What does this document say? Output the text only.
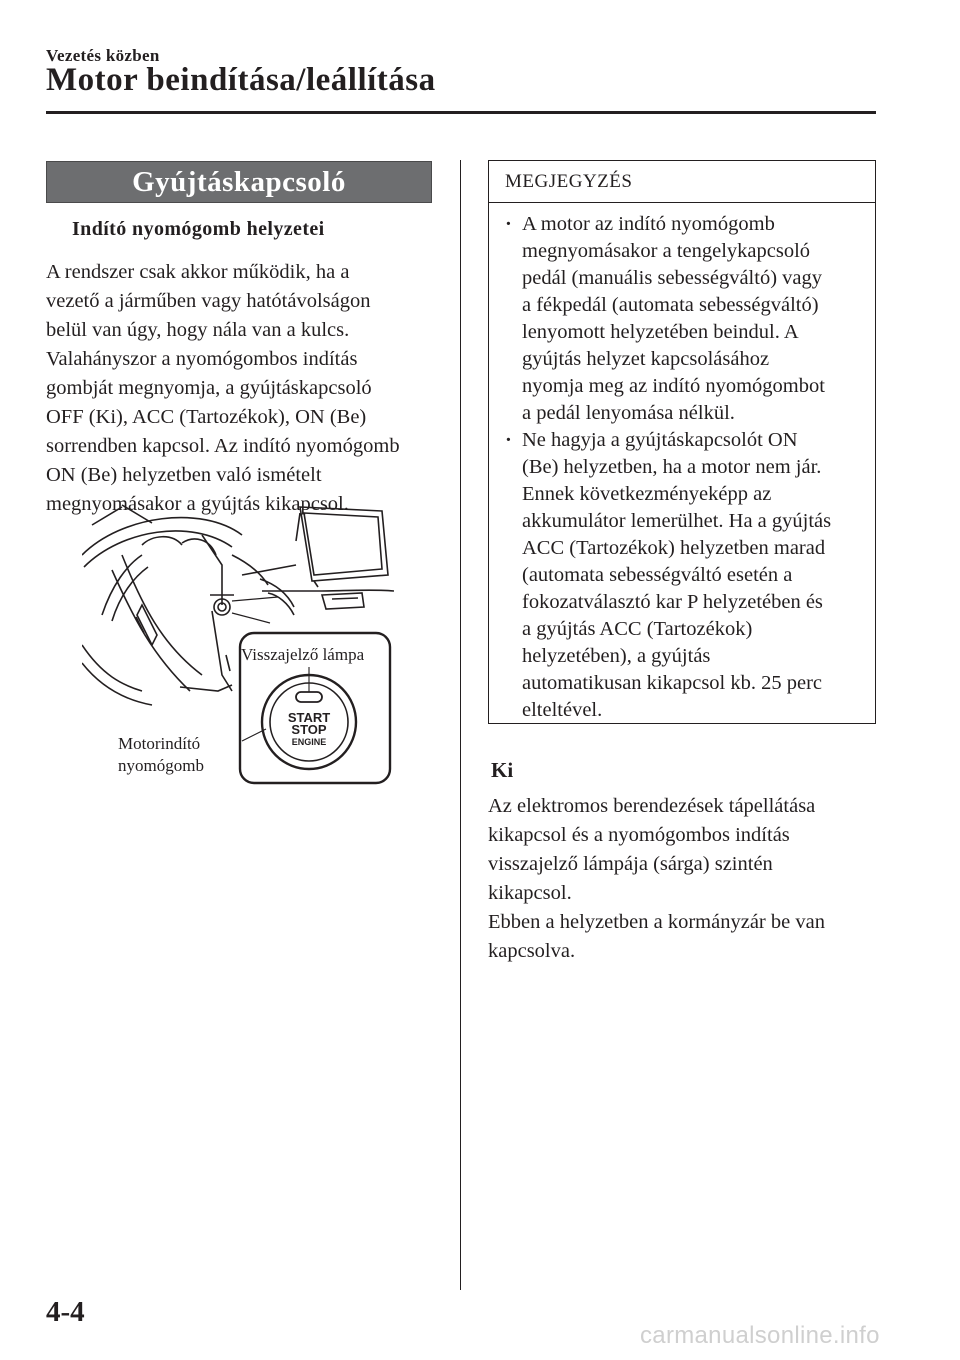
Vezetés közben
Motor beindítása/leállítása
Gyújtáskapcsoló
Indító nyomógomb helyzetei

A rendszer csak akkor működik, ha a

vezető a járműben vagy hatótávolságon

belül van úgy, hogy nála van a kulcs.

Valahányszor a nyomógombos indítás

gombját megnyomja, a gyújtáskapcsoló

OFF (Ki), ACC (Tartozékok), ON (Be)

sorrendben kapcsol. Az indító nyomógomb

ON (Be) helyzetben való ismételt

megnyomásakor a gyújtás kikapcsol.

START
STOP
ENGINE
Visszajelző lámpa
Motorindító
nyomógomb
MEGJEGYZÉS

· A motor az indító nyomógomb

megnyomásakor a tengelykapcsoló

pedál (manuális sebességváltó) vagy

a fékpedál (automata sebességváltó)

lenyomott helyzetében beindul. A

gyújtás helyzet kapcsolásához

nyomja meg az indító nyomógombot

a pedál lenyomása nélkül.

· Ne hagyja a gyújtáskapcsolót ON

(Be) helyzetben, ha a motor nem jár.

Ennek következményeképp az

akkumulátor lemerülhet. Ha a gyújtás

ACC (Tartozékok) helyzetben marad

(automata sebességváltó esetén a

fokozatválasztó kar P helyzetében és

a gyújtás ACC (Tartozékok)

helyzetében), a gyújtás

automatikusan kikapcsol kb. 25 perc

elteltével.

Ki

Az elektromos berendezések tápellátása

kikapcsol és a nyomógombos indítás

visszajelző lámpája (sárga) szintén

kikapcsol.

Ebben a helyzetben a kormányzár be van

kapcsolva.

4-4
carmanualsonline.info
